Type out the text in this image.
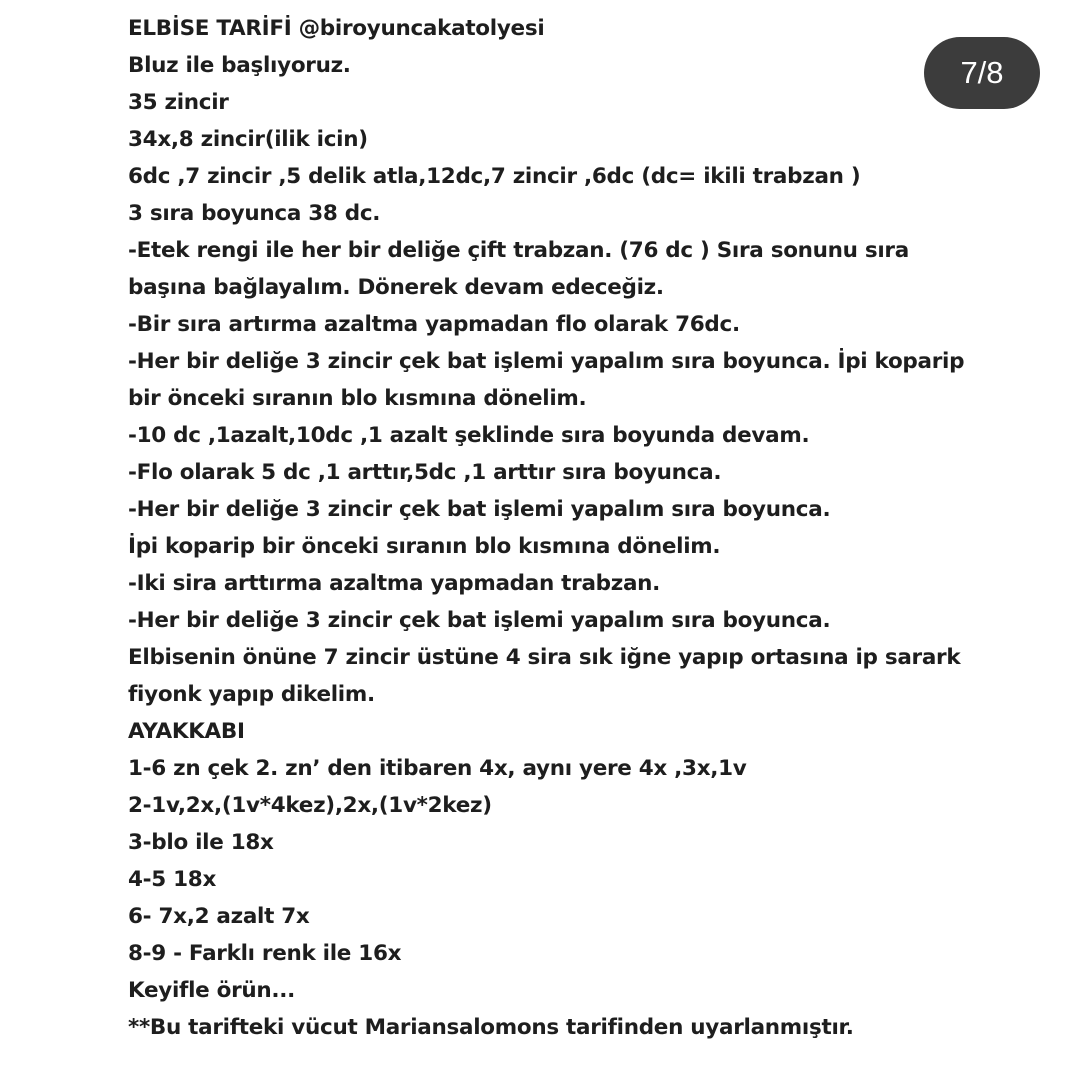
ELBİSE TARİFİ @biroyuncakatolyesi
Bluz ile başlıyoruz.
35 zincir
34x,8 zincir(ilik icin)
6dc ,7 zincir ,5 delik atla,12dc,7 zincir ,6dc (dc= ikili trabzan )
3 sıra boyunca 38 dc.
-Etek rengi ile her bir deliğe çift trabzan. (76 dc ) Sıra sonunu sıra
başına bağlayalım. Dönerek devam edeceğiz.
-Bir sıra artırma azaltma yapmadan flo olarak 76dc.
-Her bir deliğe 3 zincir çek bat işlemi yapalım sıra boyunca. İpi koparip
bir önceki sıranın blo kısmına dönelim.
-10 dc ,1azalt,10dc ,1 azalt şeklinde sıra boyunda devam.
-Flo olarak 5 dc ,1 arttır,5dc ,1 arttır sıra boyunca.
-Her bir deliğe 3 zincir çek bat işlemi yapalım sıra boyunca.
İpi koparip bir önceki sıranın blo kısmına dönelim.
-Iki sira arttırma azaltma yapmadan trabzan.
-Her bir deliğe 3 zincir çek bat işlemi yapalım sıra boyunca.
Elbisenin önüne 7 zincir üstüne 4 sira sık iğne yapıp ortasına ip sarark
fiyonk yapıp dikelim.
AYAKKABI
1-6 zn çek 2. zn’ den itibaren 4x, aynı yere 4x ,3x,1v
2-1v,2x,(1v*4kez),2x,(1v*2kez)
3-blo ile 18x
4-5 18x
6- 7x,2 azalt 7x
8-9 - Farklı renk ile 16x
Keyifle örün...
**Bu tarifteki vücut Mariansalomons tarifinden uyarlanmıştır.
7/8
